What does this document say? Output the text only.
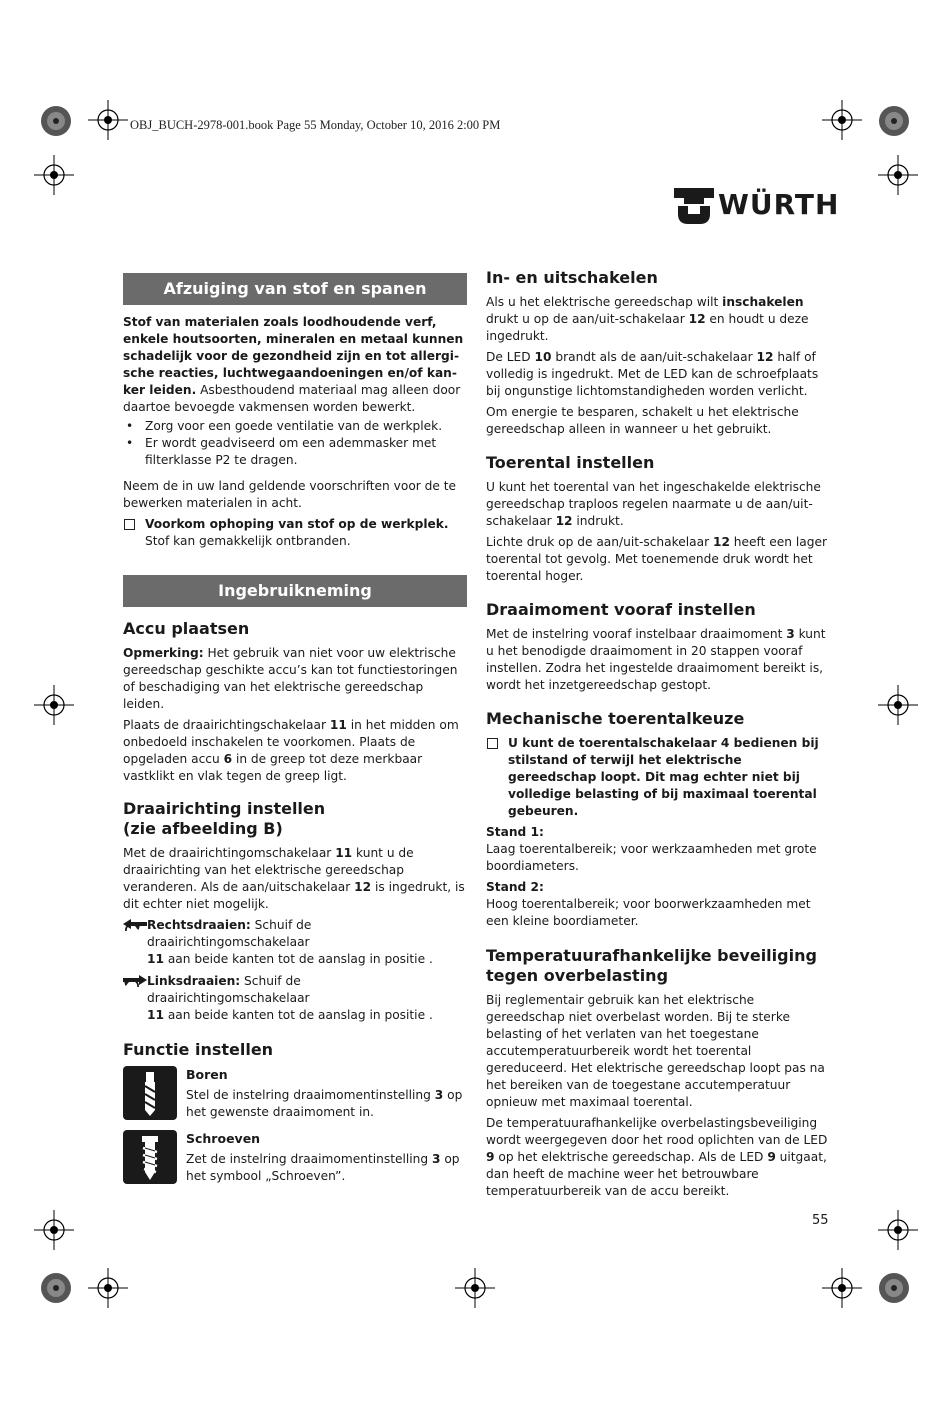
OBJ_BUCH-2978-001.book Page 55 Monday, October 10, 2016 2:00 PM
WÜRTH
Afzuiging van stof en spanen

Stof van materialen zoals loodhoudende verf, enkele houtsoorten, mineralen en metaal kunnen schadelijk voor de gezondheid zijn en tot allergische reacties, luchtwegaandoeningen en/of kanker leiden. Asbesthoudend materiaal mag alleen door daartoe bevoegde vakmensen worden bewerkt.

• Zorg voor een goede ventilatie van de werkplek.
• Er wordt geadviseerd om een ademmasker met filterklasse P2 te dragen.

Neem de in uw land geldende voorschriften voor de te bewerken materialen in acht.

Voorkom ophoping van stof op de werkplek.
Stof kan gemakkelijk ontbranden.
Ingebruikneming
Accu plaatsen

Opmerking: Het gebruik van niet voor uw elektrische gereedschap geschikte accu’s kan tot functiestoringen of beschadiging van het elektrische gereedschap leiden.

Plaats de draairichtingschakelaar 11 in het midden om onbedoeld inschakelen te voorkomen. Plaats de opgeladen accu 6 in de greep tot deze merkbaar vastklikt en vlak tegen de greep ligt.

Draairichting instellen
(zie afbeelding B)

Met de draairichtingomschakelaar 11 kunt u de draairichting van het elektrische gereedschap veranderen. Als de aan/uitschakelaar 12 is ingedrukt, is dit echter niet mogelijk.

Rechtsdraaien: Schuif de draairichtingomschakelaar
11 aan beide kanten tot de aanslag in positie
.
Linksdraaien: Schuif de draairichtingomschakelaar
11 aan beide kanten tot de aanslag in positie
.
Functie instellen
Boren

Stel de instelring draaimomentinstelling 3 op het gewenste draaimoment in.

Schroeven

Zet de instelring draaimomentinstelling 3 op het symbool „Schroeven”.

In- en uitschakelen

Als u het elektrische gereedschap wilt inschakelen drukt u op de aan/uit-schakelaar 12 en houdt u deze ingedrukt.

De LED 10 brandt als de aan/uit-schakelaar 12 half of volledig is ingedrukt. Met de LED kan de schroefplaats bij ongunstige lichtomstandigheden worden verlicht.

Om energie te besparen, schakelt u het elektrische gereedschap alleen in wanneer u het gebruikt.

Toerental instellen

U kunt het toerental van het ingeschakelde elektrische gereedschap traploos regelen naarmate u de aan/uit-schakelaar 12 indrukt.

Lichte druk op de aan/uit-schakelaar 12 heeft een lager toerental tot gevolg. Met toenemende druk wordt het toerental hoger.

Draaimoment vooraf instellen

Met de instelring vooraf instelbaar draaimoment 3 kunt u het benodigde draaimoment in 20 stappen vooraf instellen. Zodra het ingestelde draaimoment bereikt is, wordt het inzetgereedschap gestopt.

Mechanische toerentalkeuze
U kunt de toerentalschakelaar 4 bedienen bij stilstand of terwijl het elektrische gereedschap loopt. Dit mag echter niet bij volledige belasting of bij maximaal toerental gebeuren.

Stand 1:

Laag toerentalbereik; voor werkzaamheden met grote boordiameters.

Stand 2:

Hoog toerentalbereik; voor boorwerkzaamheden met een kleine boordiameter.

Temperatuurafhankelijke beveiliging
tegen overbelasting

Bij reglementair gebruik kan het elektrische gereedschap niet overbelast worden. Bij te sterke belasting of het verlaten van het toegestane accutemperatuurbereik wordt het toerental gereduceerd. Het elektrische gereedschap loopt pas na het bereiken van de toegestane accutemperatuur opnieuw met maximaal toerental.

De temperatuurafhankelijke overbelastingsbeveiliging wordt weergegeven door het rood oplichten van de LED 9 op het elektrische gereedschap. Als de LED 9 uitgaat, dan heeft de machine weer het betrouwbare temperatuurbereik van de accu bereikt.

55
